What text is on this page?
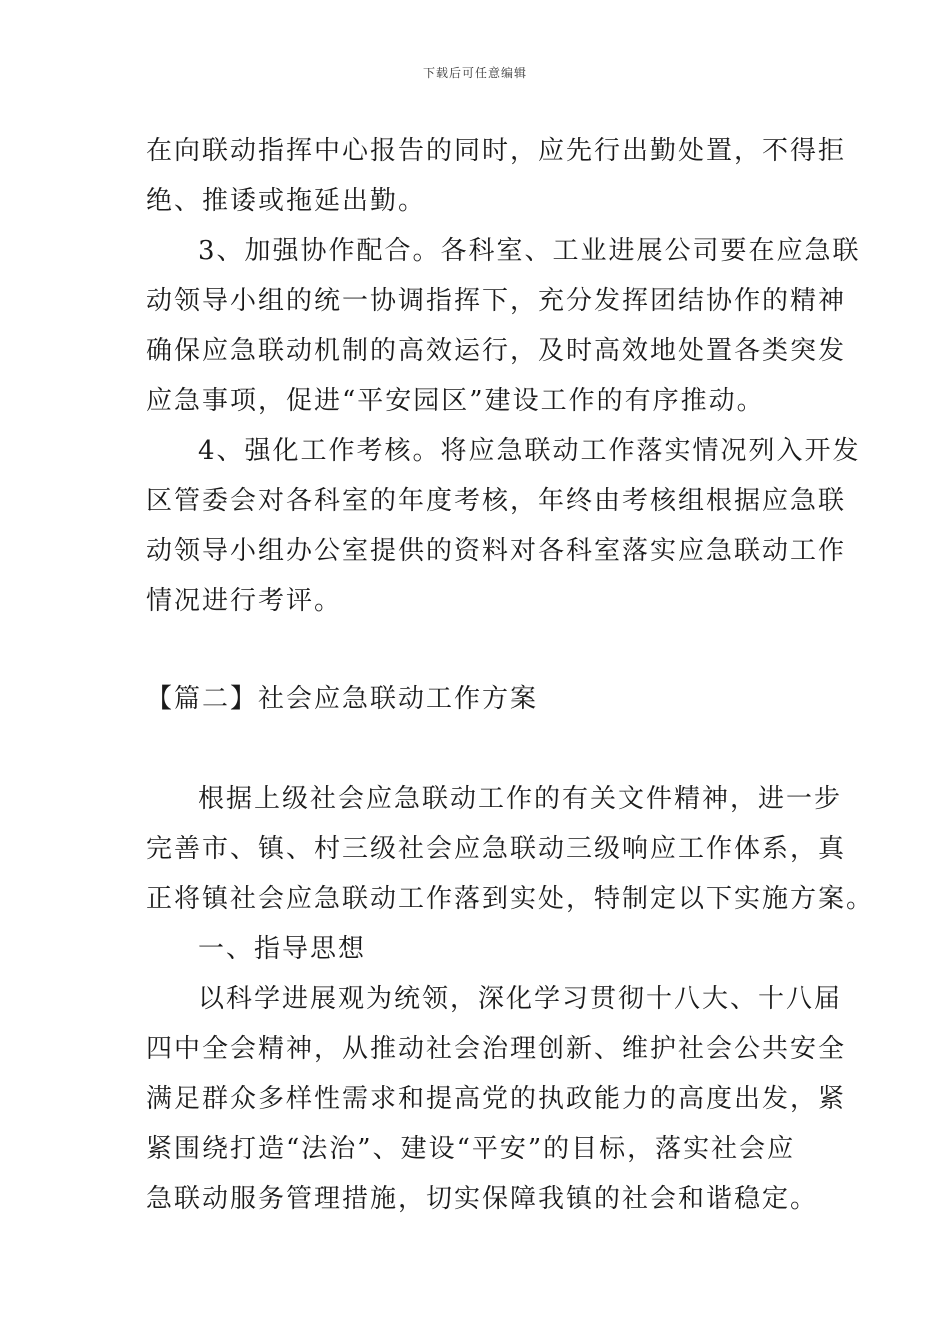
下载后可任意编辑
在向联动指挥中心报告的同时，应先行出勤处置，不得拒
绝、推诿或拖延出勤。
3、加强协作配合。各科室、工业进展公司要在应急联
动领导小组的统一协调指挥下，充分发挥团结协作的精神
确保应急联动机制的高效运行，及时高效地处置各类突发
应急事项，促进“平安园区”建设工作的有序推动。
4、强化工作考核。将应急联动工作落实情况列入开发
区管委会对各科室的年度考核，年终由考核组根据应急联
动领导小组办公室提供的资料对各科室落实应急联动工作
情况进行考评。
【篇二】社会应急联动工作方案
根据上级社会应急联动工作的有关文件精神，进一步
完善市、镇、村三级社会应急联动三级响应工作体系，真
正将镇社会应急联动工作落到实处，特制定以下实施方案。
一、指导思想
以科学进展观为统领，深化学习贯彻十八大、十八届
四中全会精神，从推动社会治理创新、维护社会公共安全
满足群众多样性需求和提高党的执政能力的高度出发，紧
紧围绕打造“法治”、建设“平安”的目标，落实社会应
急联动服务管理措施，切实保障我镇的社会和谐稳定。
